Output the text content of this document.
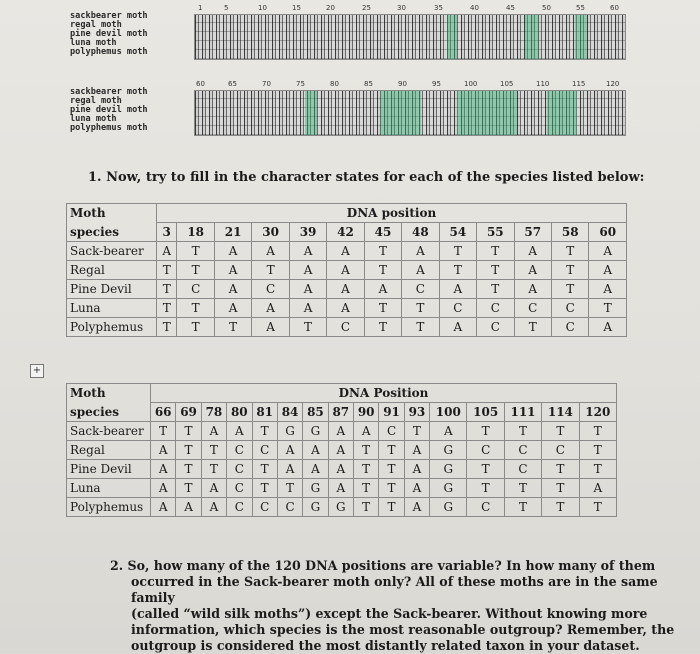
1	5	10	15	20	25	30	35	40	45	50	55	60
sackbearer moth
regal moth
pine devil moth
luna moth
polyphemus moth
60	65	70	75	80	85	90	95	100	105	110	115	120
sackbearer moth
regal moth
pine devil moth
luna moth
polyphemus moth
1. Now, try to fill in the character states for each of the species listed below:
Moth	DNA position												
species	3	18	21	30	39	42	45	48	54	55	57	58	60
Sack-bearer	A	T	A	A	A	A	T	A	T	T	A	T	A
Regal	T	T	A	T	A	A	T	A	T	T	A	T	A
Pine Devil	T	C	A	C	A	A	A	C	A	T	A	T	A
Luna	T	T	A	A	A	A	T	T	C	C	C	C	T
Polyphemus	T	T	T	A	T	C	T	T	A	C	T	C	A
+
Moth	DNA Position															
species	66	69	78	80	81	84	85	87	90	91	93	100	105	111	114	120
Sack-bearer	T	T	A	A	T	G	G	A	A	C	T	A	T	T	T	T
Regal	A	T	T	C	C	A	A	A	T	T	A	G	C	C	C	T
Pine Devil	A	T	T	C	T	A	A	A	T	T	A	G	T	C	T	T
Luna	A	T	A	C	T	T	G	A	T	T	A	G	T	T	T	A
Polyphemus	A	A	A	C	C	C	G	G	T	T	A	G	C	T	T	T
2. So, how many of the 120 DNA positions are variable? In how many of them
occurred in the Sack-bearer moth only? All of these moths are in the same family
(called “wild silk moths”) except the Sack-bearer. Without knowing more
information, which species is the most reasonable outgroup? Remember, the
outgroup is considered the most distantly related taxon in your dataset.
